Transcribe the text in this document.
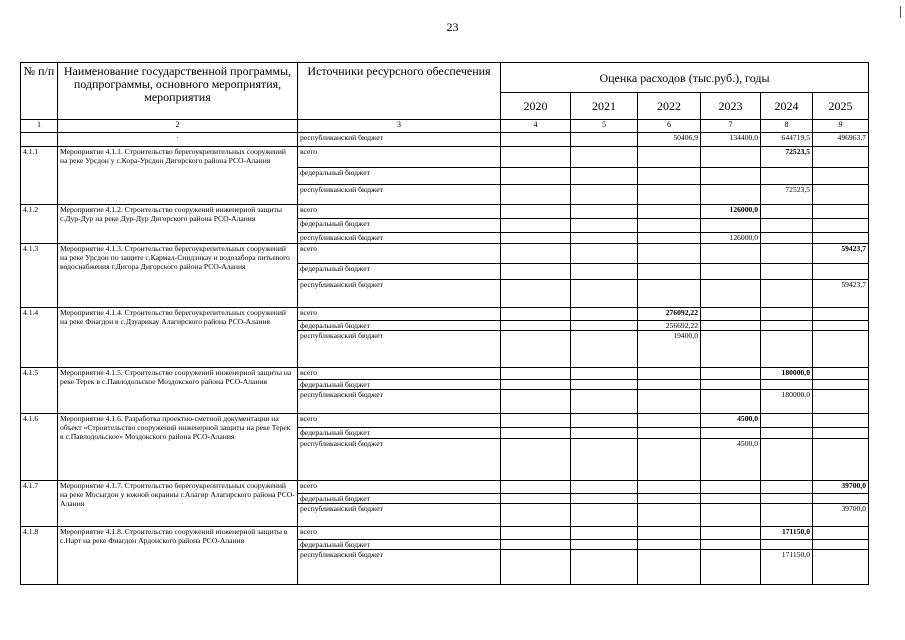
23
№ п/п	Наименование государственной программы, подпрограммы, основного мероприятия, мероприятия	Источники ресурсного обеспечения	Оценка расходов (тыс.руб.), годы					
			2020	2021	2022	2023	2024	2025
1	2	3	4	5	6	7	8	9
	·	республиканский бюджет			50406,9	134400,0	644719,5	496963,7
4.1.1	Мероприятие 4.1.1. Строительство берегоукрепительных сооружений на реке Урсдон у с.Кора-Урсдон Дигорского района РСО-Алания	всего					72523,5	
		федеральный бюджет						
		республиканский бюджет					72523,5	
4.1.2	Мероприятие 4.1.2. Строительство сооружений инженерной защиты с.Дур-Дур на реке Дур-Дур Дигорского района РСО-Алания	всего				126000,0		
		федеральный бюджет						
		республиканский бюджет				126000,0		
4.1.3	Мероприятие 4.1.3. Строительство берегоукрепительных сооружений на реке Урсдон по защите с.Кармал-Синдзикау и водозабора питьевого водоснабжения г.Дигора Дигорского района РСО-Алания	всего						59423,7
		федеральный бюджет						
		республиканский бюджет						59423,7
4.1.4	Мероприятие 4.1.4. Строительство берегоукрепительных сооружений на реке Фиагдон в с.Дзуарикау Алагирского района РСО-Алания	всего			276092,22			
		федеральный бюджет			256692,22			
		республиканский бюджет			19400,0			
4.1.5	Мероприятие 4.1.5. Строительство сооружений инженерной защиты на реке Терек в с.Павлодольское Моздокского района РСО-Алания	всего					180000,0	
		федеральный бюджет						
		республиканский бюджет					180000,0	
4.1.6	Мероприятие 4.1.6. Разработка проектно-сметной документации на объект «Строительство сооружений инженерной защиты на реке Терек в с.Павлодольское» Моздокского района РСО-Алания	всего				4500,0		
		федеральный бюджет						
		республиканский бюджет				4500,0		
4.1.7	Мероприятие 4.1.7. Строительство берегоукрепительных сооружений на реке Мосыгдон у южной окраины г.Алагир Алагирского района РСО-Алания	всего						39700,0
		федеральный бюджет						
		республиканский бюджет						39700,0
4.1.8	Мероприятие 4.1.8. Строительство сооружений инженерной защиты в с.Нарт на реке Фиагдон Ардонского района РСО-Алания	всего					171150,0	
		федеральный бюджет						
		республиканский бюджет					171150,0	
